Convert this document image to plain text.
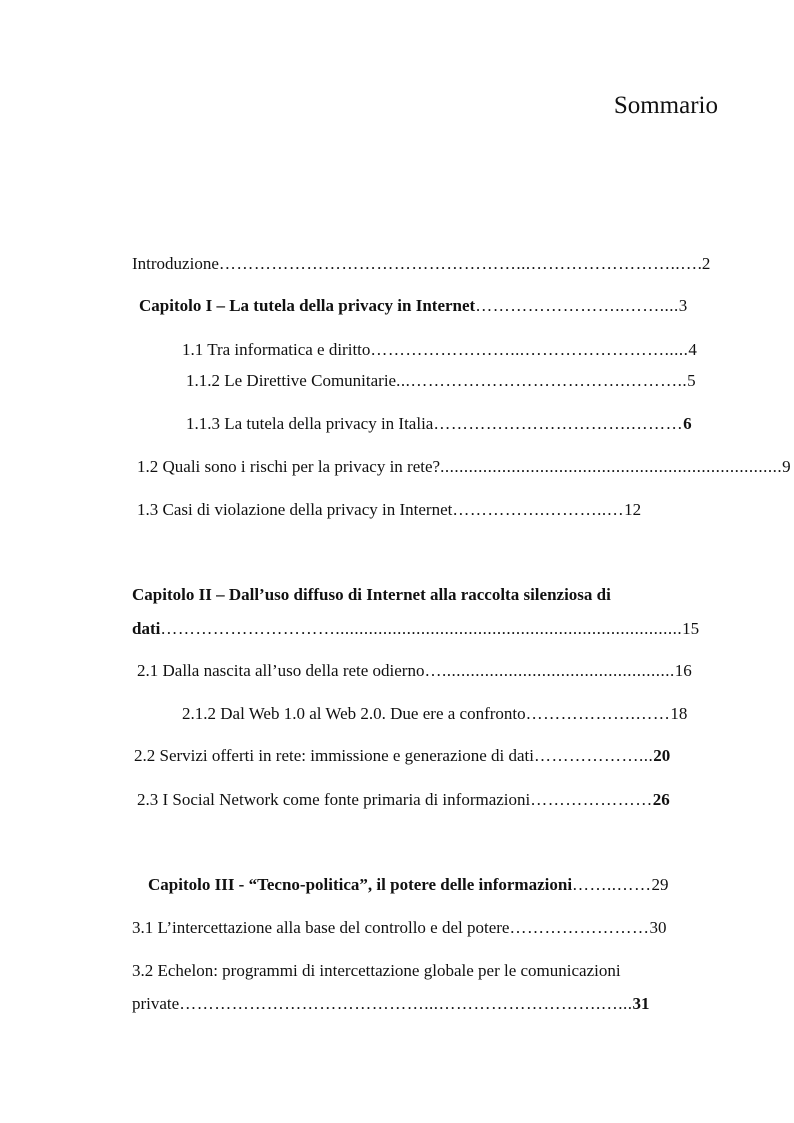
Sommario

Introduzione……………………………………………...……………………..….2

Capitolo I – La tutela della privacy in Internet……………………..……....3

1.1 Tra informatica e diritto……………………...…………………….....4

1.1.2 Le Direttive Comunitarie...……………………………….………..5

1.1.3 La tutela della privacy in Italia…………………………….………6

1.2 Quali sono i rischi per la privacy in rete?........................................................................9

1.3 Casi di violazione della privacy in Internet…………….………..…12

Capitolo II – Dall’uso diffuso di Internet alla raccolta silenziosa di

dati………………………….........................................................................15

2.1 Dalla nascita all’uso della rete odierno….................................................16

2.1.2 Dal Web 1.0 al Web 2.0. Due ere a confronto……………….……18

2.2 Servizi offerti in rete: immissione e generazione di dati………………...20

2.3 I Social Network come fonte primaria di informazioni…………………26

Capitolo III - “Tecno-politica”, il potere delle informazioni……..……29

3.1 L’intercettazione alla base del controllo e del potere……………………30

3.2 Echelon: programmi di intercettazione globale per le comunicazioni

private……………………………………...……………………….…...31
